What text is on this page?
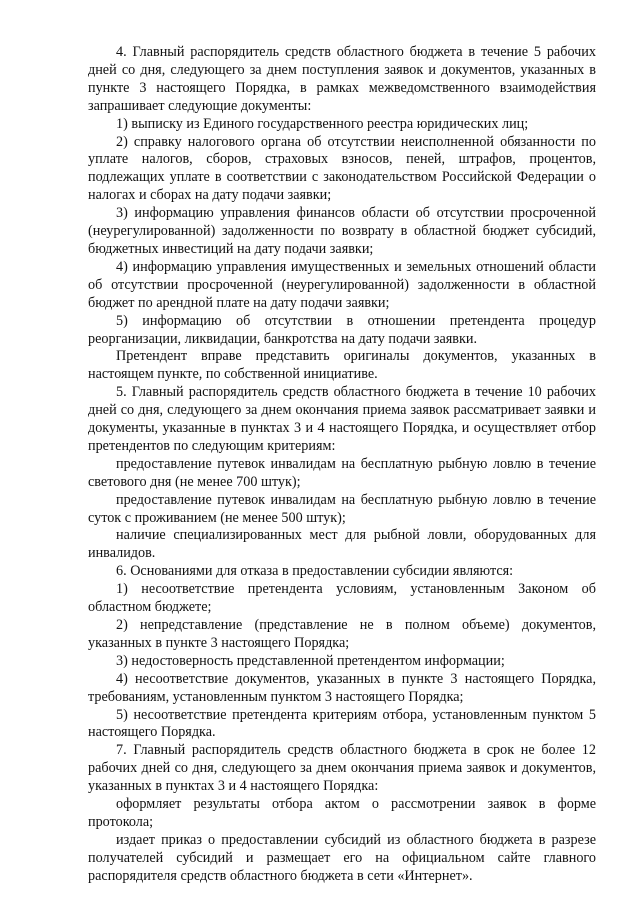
4. Главный распорядитель средств областного бюджета в течение 5 рабочих дней со дня, следующего за днем поступления заявок и документов, указанных в пункте 3 настоящего Порядка, в рамках межведомственного взаимодействия запрашивает следующие документы:

1) выписку из Единого государственного реестра юридических лиц;

2) справку налогового органа об отсутствии неисполненной обязанности по уплате налогов, сборов, страховых взносов, пеней, штрафов, процентов, подлежащих уплате в соответствии с законодательством Российской Федерации о налогах и сборах на дату подачи заявки;

3) информацию управления финансов области об отсутствии просроченной (неурегулированной) задолженности по возврату в областной бюджет субсидий, бюджетных инвестиций на дату подачи заявки;

4) информацию управления имущественных и земельных отношений области об отсутствии просроченной (неурегулированной) задолженности в областной бюджет по арендной плате на дату подачи заявки;

5) информацию об отсутствии в отношении претендента процедур реорганизации, ликвидации, банкротства на дату подачи заявки.

Претендент вправе представить оригиналы документов, указанных в настоящем пункте, по собственной инициативе.

5. Главный распорядитель средств областного бюджета в течение 10 рабочих дней со дня, следующего за днем окончания приема заявок рассматривает заявки и документы, указанные в пунктах 3 и 4 настоящего Порядка, и осуществляет отбор претендентов по следующим критериям:

предоставление путевок инвалидам на бесплатную рыбную ловлю в течение светового дня (не менее 700 штук);

предоставление путевок инвалидам на бесплатную рыбную ловлю в течение суток с проживанием (не менее 500 штук);

наличие специализированных мест для рыбной ловли, оборудованных для инвалидов.

6. Основаниями для отказа в предоставлении субсидии являются:

1) несоответствие претендента условиям, установленным Законом об областном бюджете;

2) непредставление (представление не в полном объеме) документов, указанных в пункте 3 настоящего Порядка;

3) недостоверность представленной претендентом информации;

4) несоответствие документов, указанных в пункте 3 настоящего Порядка, требованиям, установленным пунктом 3 настоящего Порядка;

5) несоответствие претендента критериям отбора, установленным пунктом 5 настоящего Порядка.

7. Главный распорядитель средств областного бюджета в срок не более 12 рабочих дней со дня, следующего за днем окончания приема заявок и документов, указанных в пунктах 3 и 4 настоящего Порядка:

оформляет результаты отбора актом о рассмотрении заявок в форме протокола;

издает приказ о предоставлении субсидий из областного бюджета в разрезе получателей субсидий и размещает его на официальном сайте главного распорядителя средств областного бюджета в сети «Интернет».
